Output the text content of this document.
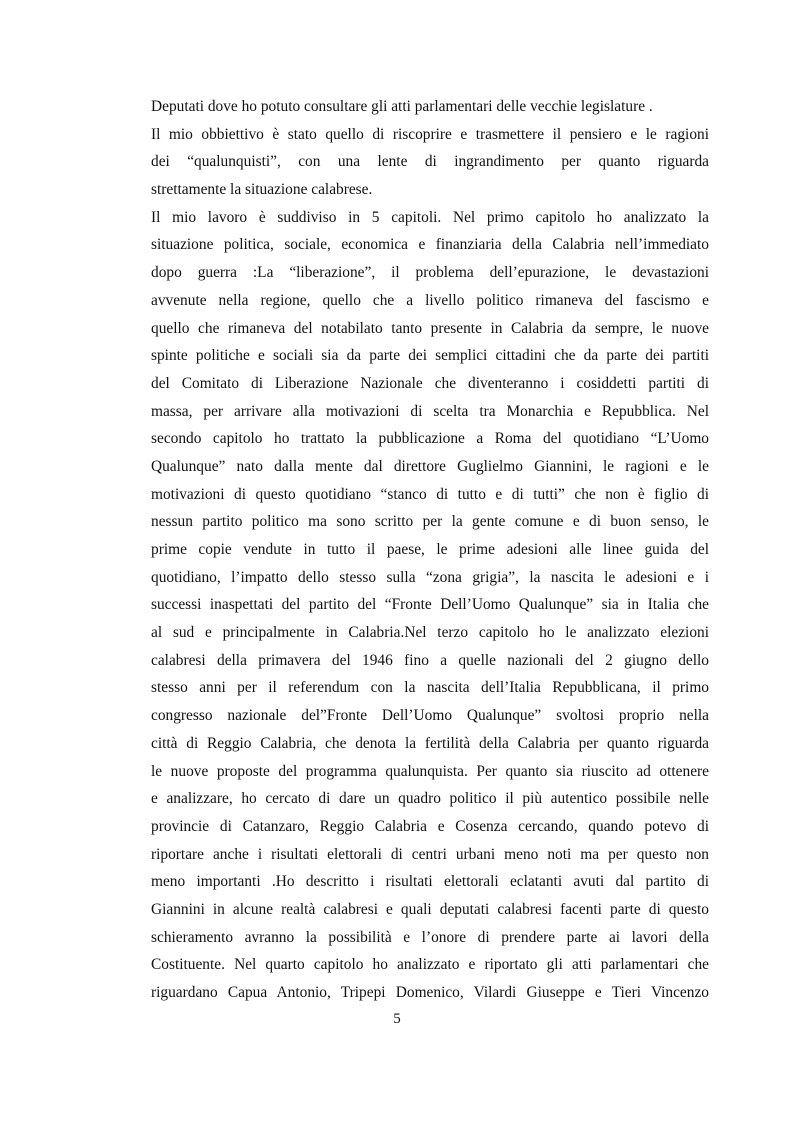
Deputati dove ho potuto consultare gli atti parlamentari delle vecchie legislature .
Il mio obbiettivo è stato quello di riscoprire e trasmettere il pensiero e le ragioni
dei “qualunquisti”, con una lente di ingrandimento per quanto riguarda
strettamente la situazione calabrese.
Il mio lavoro è suddiviso in 5 capitoli. Nel primo capitolo ho analizzato la
situazione politica, sociale, economica e finanziaria della Calabria nell’immediato
dopo guerra :La “liberazione”, il problema dell’epurazione, le devastazioni
avvenute nella regione, quello che a livello politico rimaneva del fascismo e
quello che rimaneva del notabilato tanto presente in Calabria da sempre, le nuove
spinte politiche e sociali sia da parte dei semplici cittadini che da parte dei partiti
del Comitato di Liberazione Nazionale che diventeranno i cosiddetti partiti di
massa, per arrivare alla motivazioni di scelta tra Monarchia e Repubblica. Nel
secondo capitolo ho trattato la pubblicazione a Roma del quotidiano “L’Uomo
Qualunque” nato dalla mente dal direttore Guglielmo Giannini, le ragioni e le
motivazioni di questo quotidiano “stanco di tutto e di tutti” che non è figlio di
nessun partito politico ma sono scritto per la gente comune e di buon senso, le
prime copie vendute in tutto il paese, le prime adesioni alle linee guida del
quotidiano, l’impatto dello stesso sulla “zona grigia”, la nascita le adesioni e i
successi inaspettati del partito del “Fronte Dell’Uomo Qualunque” sia in Italia che
al sud e principalmente in Calabria.Nel terzo capitolo ho le analizzato elezioni
calabresi della primavera del 1946 fino a quelle nazionali del 2 giugno dello
stesso anni per il referendum con la nascita dell’Italia Repubblicana, il primo
congresso nazionale del”Fronte Dell’Uomo Qualunque” svoltosi proprio nella
città di Reggio Calabria, che denota la fertilità della Calabria per quanto riguarda
le nuove proposte del programma qualunquista. Per quanto sia riuscito ad ottenere
e analizzare, ho cercato di dare un quadro politico il più autentico possibile nelle
provincie di Catanzaro, Reggio Calabria e Cosenza cercando, quando potevo di
riportare anche i risultati elettorali di centri urbani meno noti ma per questo non
meno importanti .Ho descritto i risultati elettorali eclatanti avuti dal partito di
Giannini in alcune realtà calabresi e quali deputati calabresi facenti parte di questo
schieramento avranno la possibilità e l’onore di prendere parte ai lavori della
Costituente. Nel quarto capitolo ho analizzato e riportato gli atti parlamentari che
riguardano Capua Antonio, Tripepi Domenico, Vilardi Giuseppe e Tieri Vincenzo
5
